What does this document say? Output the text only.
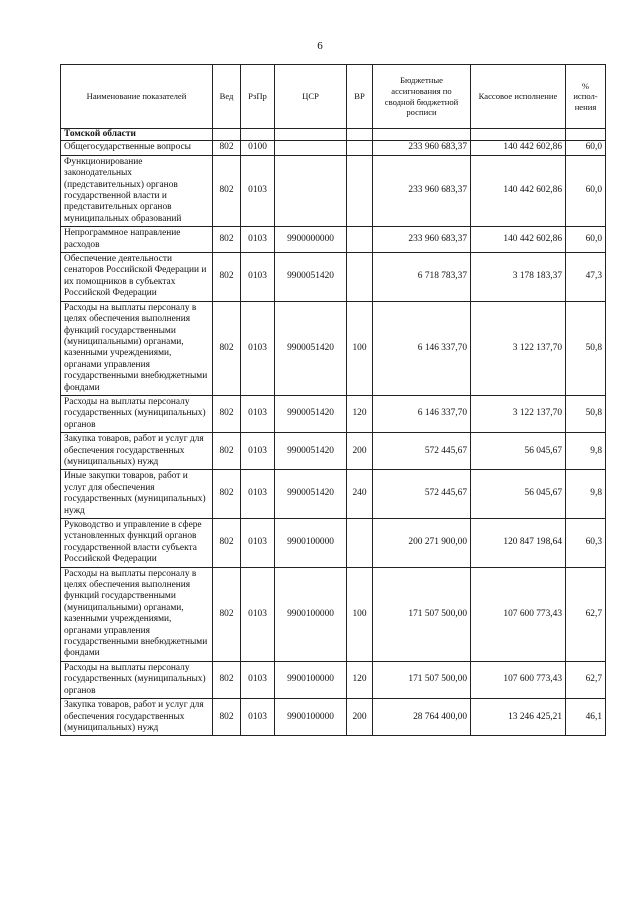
6
Наименование показателей	Вед	РзПр	ЦСР	ВР	Бюджетные ассигнования по сводной бюджетной росписи	Кассовое исполнение	% испол-нения
Томской области							
Общегосударственные вопросы	802	0100			233 960 683,37	140 442 602,86	60,0
Функционирование законодательных (представительных) органов государственной власти и представительных органов муниципальных образований	802	0103			233 960 683,37	140 442 602,86	60,0
Непрограммное направление расходов	802	0103	9900000000		233 960 683,37	140 442 602,86	60,0
Обеспечение деятельности сенаторов Российской Федерации и их помощников в субъектах Российской Федерации	802	0103	9900051420		6 718 783,37	3 178 183,37	47,3
Расходы на выплаты персоналу в целях обеспечения выполнения функций государственными (муниципальными) органами, казенными учреждениями, органами управления государственными внебюджетными фондами	802	0103	9900051420	100	6 146 337,70	3 122 137,70	50,8
Расходы на выплаты персоналу государственных (муниципальных) органов	802	0103	9900051420	120	6 146 337,70	3 122 137,70	50,8
Закупка товаров, работ и услуг для обеспечения государственных (муниципальных) нужд	802	0103	9900051420	200	572 445,67	56 045,67	9,8
Иные закупки товаров, работ и услуг для обеспечения государственных (муниципальных) нужд	802	0103	9900051420	240	572 445,67	56 045,67	9,8
Руководство и управление в сфере установленных функций органов государственной власти субъекта Российской Федерации	802	0103	9900100000		200 271 900,00	120 847 198,64	60,3
Расходы на выплаты персоналу в целях обеспечения выполнения функций государственными (муниципальными) органами, казенными учреждениями, органами управления государственными внебюджетными фондами	802	0103	9900100000	100	171 507 500,00	107 600 773,43	62,7
Расходы на выплаты персоналу государственных (муниципальных) органов	802	0103	9900100000	120	171 507 500,00	107 600 773,43	62,7
Закупка товаров, работ и услуг для обеспечения государственных (муниципальных) нужд	802	0103	9900100000	200	28 764 400,00	13 246 425,21	46,1
